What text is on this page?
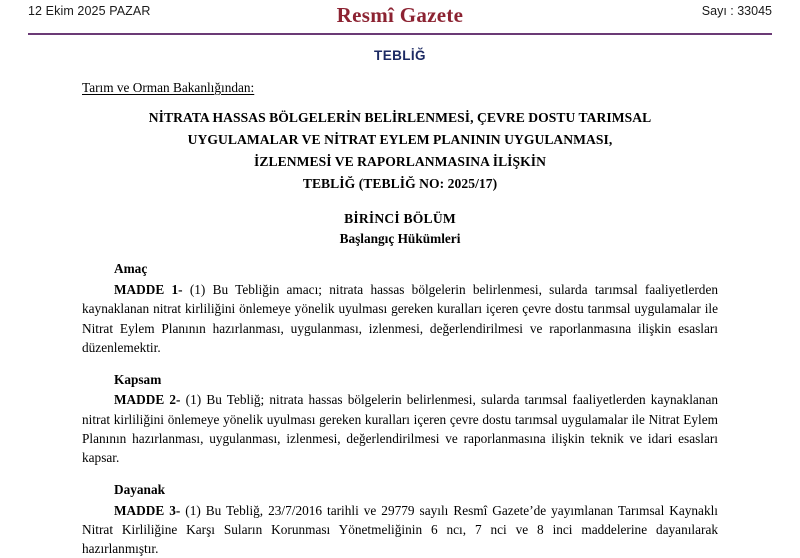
12 Ekim 2025 PAZAR	Sayı : 33045
Resmî Gazete
TEBLİĞ
Tarım ve Orman Bakanlığından:
NİTRATA HASSAS BÖLGELERİN BELİRLENMESİ, ÇEVRE DOSTU TARIMSAL
UYGULAMALAR VE NİTRAT EYLEM PLANININ UYGULANMASI,
İZLENMESİ VE RAPORLANMASINA İLİŞKİN
TEBLİĞ (TEBLİĞ NO: 2025/17)
BİRİNCİ BÖLÜM
Başlangıç Hükümleri
Amaç

MADDE 1- (1) Bu Tebliğin amacı; nitrata hassas bölgelerin belirlenmesi, sularda tarımsal faaliyetlerden kaynaklanan nitrat kirliliğini önlemeye yönelik uyulması gereken kuralları içeren çevre dostu tarımsal uygulamalar ile Nitrat Eylem Planının hazırlanması, uygulanması, izlenmesi, değerlendirilmesi ve raporlanmasına ilişkin esasları düzenlemektir.

Kapsam

MADDE 2- (1) Bu Tebliğ; nitrata hassas bölgelerin belirlenmesi, sularda tarımsal faaliyetlerden kaynaklanan nitrat kirliliğini önlemeye yönelik uyulması gereken kuralları içeren çevre dostu tarımsal uygulamalar ile Nitrat Eylem Planının hazırlanması, uygulanması, izlenmesi, değerlendirilmesi ve raporlanmasına ilişkin teknik ve idari esasları kapsar.

Dayanak

MADDE 3- (1) Bu Tebliğ, 23/7/2016 tarihli ve 29779 sayılı Resmî Gazete’de yayımlanan Tarımsal Kaynaklı Nitrat Kirliliğine Karşı Suların Korunması Yönetmeliğinin 6 ncı, 7 nci ve 8 inci maddelerine dayanılarak hazırlanmıştır.
